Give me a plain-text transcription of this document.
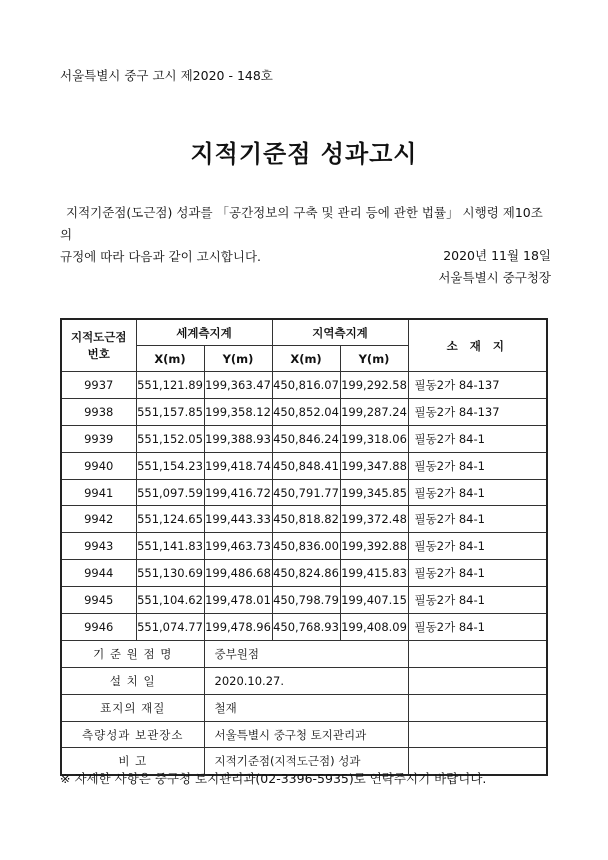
서울특별시 중구 고시 제2020 - 148호
지적기준점 성과고시

지적기준점(도근점) 성과를 「공간정보의 구축 및 관리 등에 관한 법률」 시행령 제10조의

규정에 따라 다음과 같이 고시합니다.	2020년 11월 18일
서울특별시 중구청장
지적도근점 번호	세계측지계		지역측지계		소 재 지
	X(m)	Y(m)	X(m)	Y(m)	
9937	551,121.89	199,363.47	450,816.07	199,292.58	필동2가 84-137
9938	551,157.85	199,358.12	450,852.04	199,287.24	필동2가 84-137
9939	551,152.05	199,388.93	450,846.24	199,318.06	필동2가 84-1
9940	551,154.23	199,418.74	450,848.41	199,347.88	필동2가 84-1
9941	551,097.59	199,416.72	450,791.77	199,345.85	필동2가 84-1
9942	551,124.65	199,443.33	450,818.82	199,372.48	필동2가 84-1
9943	551,141.83	199,463.73	450,836.00	199,392.88	필동2가 84-1
9944	551,130.69	199,486.68	450,824.86	199,415.83	필동2가 84-1
9945	551,104.62	199,478.01	450,798.79	199,407.15	필동2가 84-1
9946	551,074.77	199,478.96	450,768.93	199,408.09	필동2가 84-1
기 준 원 점 명		중부원점			
설 치 일		2020.10.27.			
표지의 재질		철재			
측량성과 보관장소		서울특별시 중구청 토지관리과			
비 고		지적기준점(지적도근점) 성과			
※ 자세한 사항은 중구청 토지관리과(02-3396-5935)로 연락주시기 바랍니다.
